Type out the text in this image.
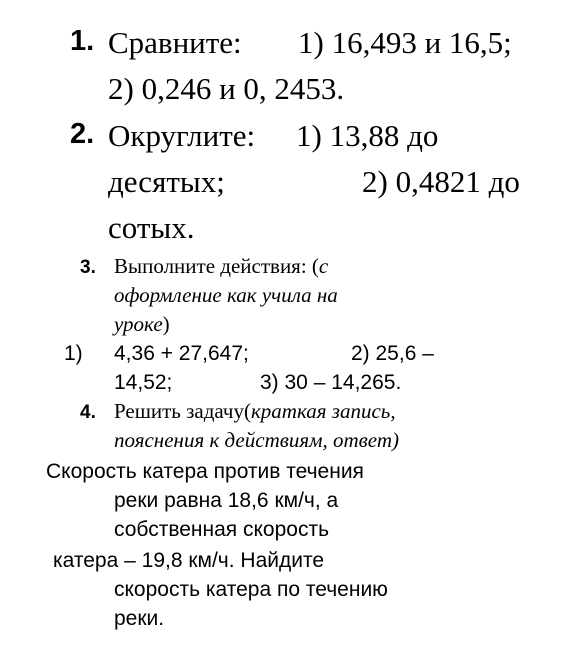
1. Сравните: 1) 16,493 и 16,5;
2) 0,246 и 0, 2453.
2. Округлите: 1) 13,88 до
десятых;	2) 0,4821 до
сотых.
3. Выполните действия: (с
оформление как учила на
уроке)
1) 4,36 + 27,647;	2) 25,6 –
14,52;	3) 30 – 14,265.
4. Решить задачу(краткая запись,
пояснения к действиям, ответ)
Скорость катера против течения
реки равна 18,6 км/ч, а
собственная скорость
катера – 19,8 км/ч. Найдите
скорость катера по течению
реки.
